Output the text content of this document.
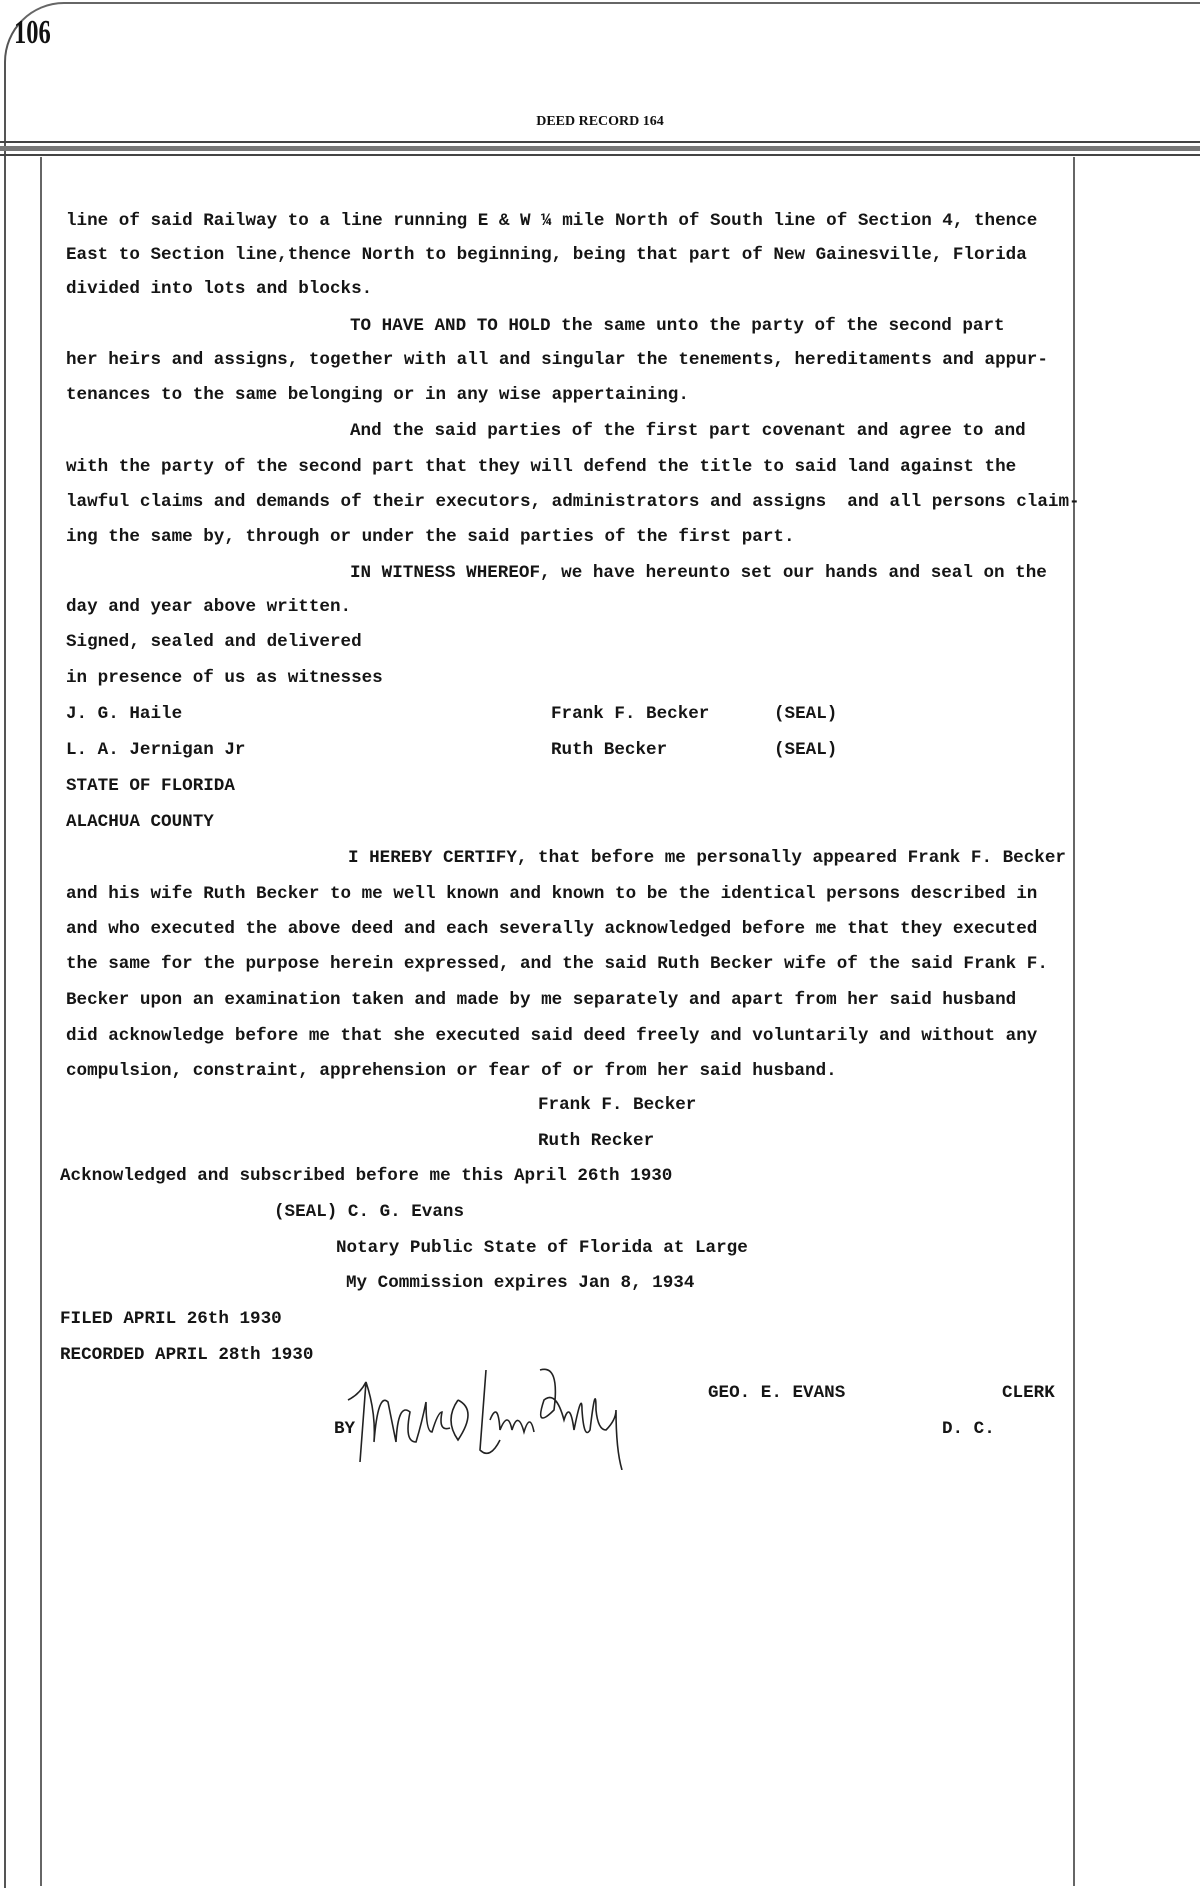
106
DEED RECORD 164
line of said Railway to a line running E & W ¼ mile North of South line of Section 4, thence
East to Section line,thence North to beginning, being that part of New Gainesville, Florida
divided into lots and blocks.
TO HAVE AND TO HOLD the same unto the party of the second part
her heirs and assigns, together with all and singular the tenements, hereditaments and appur-
tenances to the same belonging or in any wise appertaining.
And the said parties of the first part covenant and agree to and
with the party of the second part that they will defend the title to said land against the
lawful claims and demands of their executors, administrators and assigns  and all persons claim-
ing the same by, through or under the said parties of the first part.
IN WITNESS WHEREOF, we have hereunto set our hands and seal on the
day and year above written.
Signed, sealed and delivered
in presence of us as witnesses
J. G. Haile	Frank F. Becker	(SEAL)
L. A. Jernigan Jr	Ruth Becker	(SEAL)
STATE OF FLORIDA
ALACHUA COUNTY
I HEREBY CERTIFY, that before me personally appeared Frank F. Becker
and his wife Ruth Becker to me well known and known to be the identical persons described in
and who executed the above deed and each severally acknowledged before me that they executed
the same for the purpose herein expressed, and the said Ruth Becker wife of the said Frank F.
Becker upon an examination taken and made by me separately and apart from her said husband
did acknowledge before me that she executed said deed freely and voluntarily and without any
compulsion, constraint, apprehension or fear of or from her said husband.
Frank F. Becker
Ruth Recker
Acknowledged and subscribed before me this April 26th 1930
(SEAL) C. G. Evans
Notary Public State of Florida at Large
My Commission expires Jan 8, 1934
FILED APRIL 26th 1930
RECORDED APRIL 28th 1930
GEO. E. EVANS	CLERK
BY	D. C.
